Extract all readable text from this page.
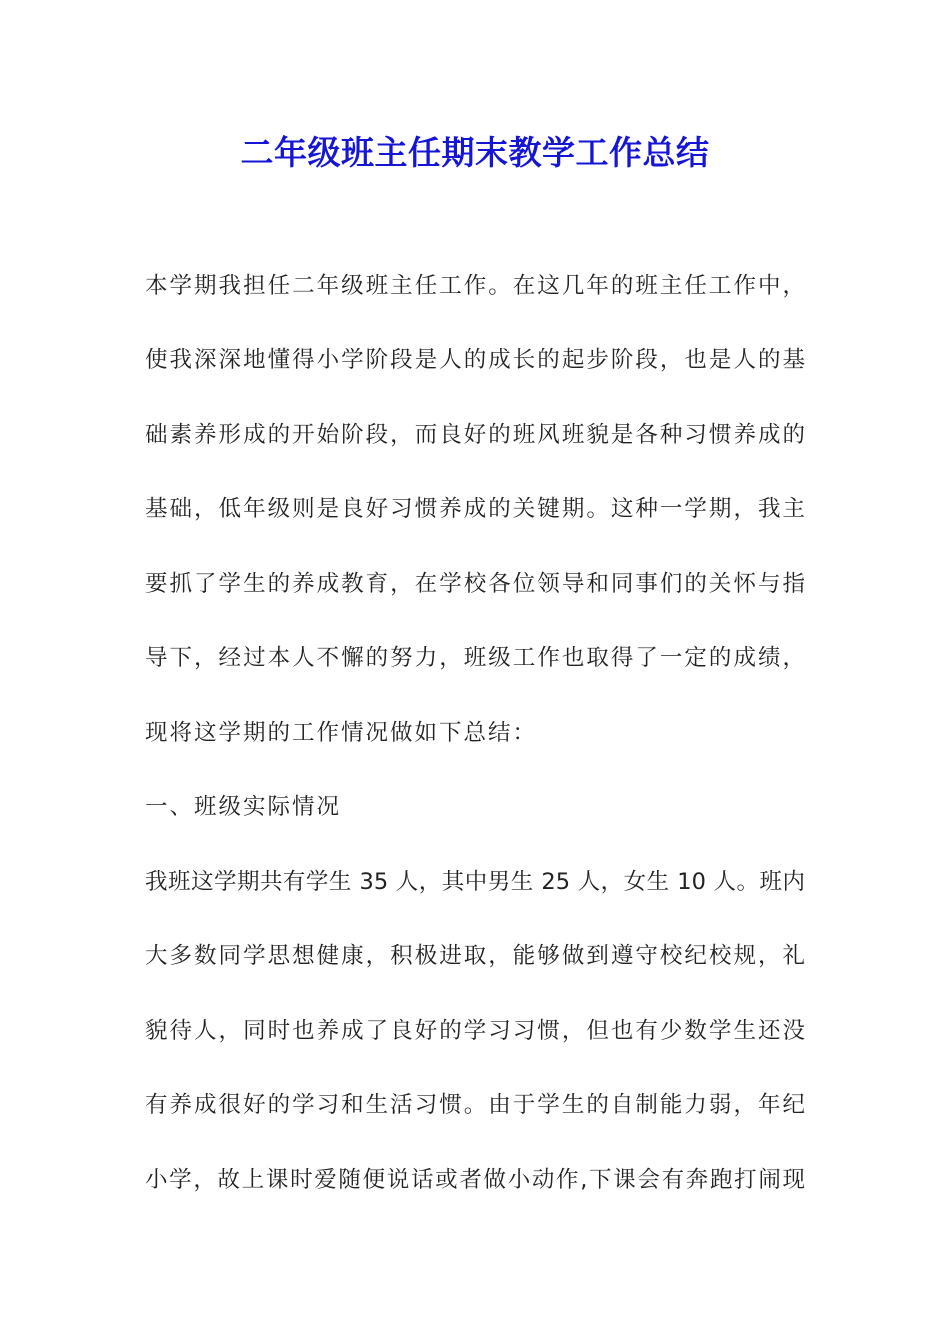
二年级班主任期末教学工作总结

本学期我担任二年级班主任工作。在这几年的班主任工作中，

使我深深地懂得小学阶段是人的成长的起步阶段，也是人的基

础素养形成的开始阶段，而良好的班风班貌是各种习惯养成的

基础，低年级则是良好习惯养成的关键期。这种一学期，我主

要抓了学生的养成教育，在学校各位领导和同事们的关怀与指

导下，经过本人不懈的努力，班级工作也取得了一定的成绩，

现将这学期的工作情况做如下总结：

一、班级实际情况

我班这学期共有学生 35 人，其中男生 25 人，女生 10 人。班内

大多数同学思想健康，积极进取，能够做到遵守校纪校规，礼

貌待人，同时也养成了良好的学习习惯，但也有少数学生还没

有养成很好的学习和生活习惯。由于学生的自制能力弱，年纪

小学，故上课时爱随便说话或者做小动作,下课会有奔跑打闹现
